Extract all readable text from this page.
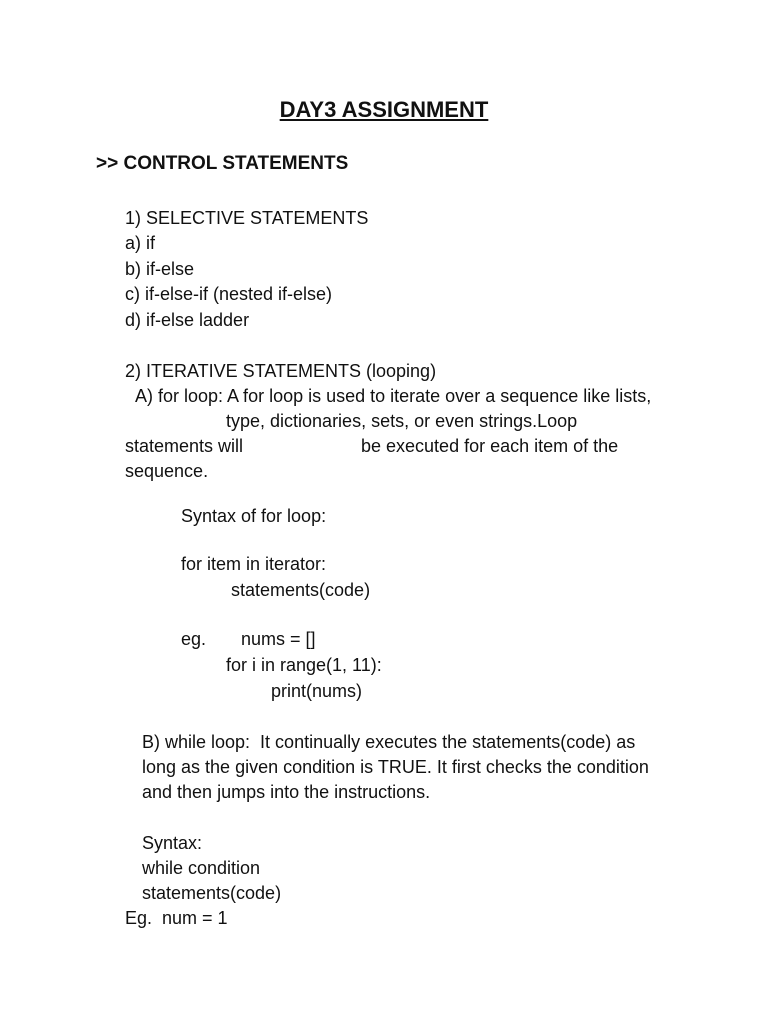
DAY3 ASSIGNMENT
>> CONTROL STATEMENTS
1) SELECTIVE STATEMENTS
a) if
b) if-else
c) if-else-if (nested if-else)
d) if-else ladder
2) ITERATIVE STATEMENTS (looping)
A) for loop: A for loop is used to iterate over a sequence like lists,
type, dictionaries, sets, or even strings.Loop
statements will	be executed for each item of the
sequence.
Syntax of for loop:
for item in iterator:
statements(code)
eg. nums = []
for i in range(1, 11):
print(nums)
B) while loop:  It continually executes the statements(code) as
long as the given condition is TRUE. It first checks the condition
and then jumps into the instructions.
Syntax:
while condition
statements(code)
Eg.  num = 1
